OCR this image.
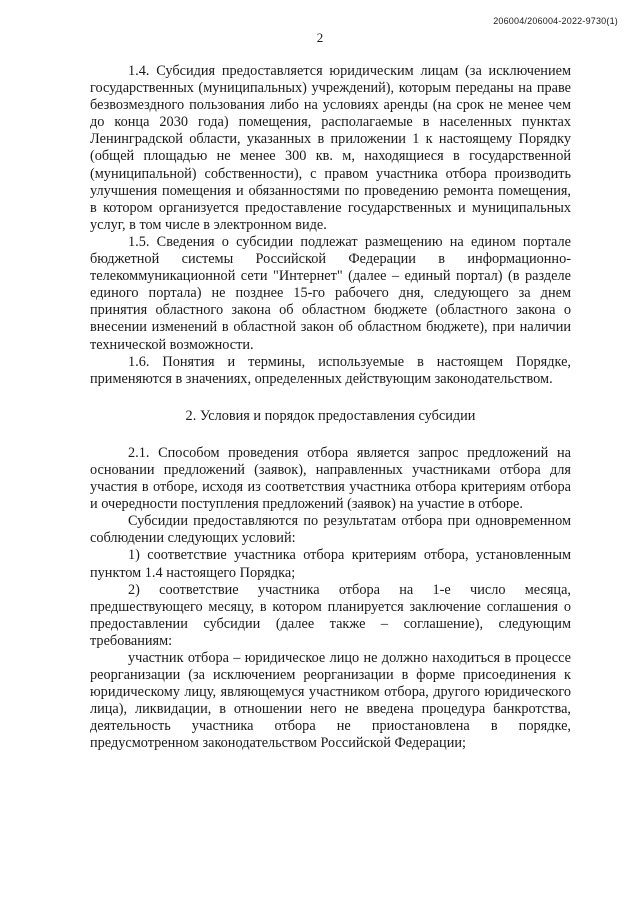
206004/206004-2022-9730(1)
2

1.4. Субсидия предоставляется юридическим лицам (за исключением государственных (муниципальных) учреждений), которым переданы на праве безвозмездного пользования либо на условиях аренды (на срок не менее чем до конца 2030 года) помещения, располагаемые в населенных пунктах Ленинградской области, указанных в приложении 1 к настоящему Порядку (общей площадью не менее 300 кв. м, находящиеся в государственной (муниципальной) собственности), с правом участника отбора производить улучшения помещения и обязанностями по проведению ремонта помещения, в котором организуется предоставление государственных и муниципальных услуг, в том числе в электронном виде.

1.5. Сведения о субсидии подлежат размещению на едином портале бюджетной системы Российской Федерации в информационно-телекоммуникационной сети "Интернет" (далее – единый портал) (в разделе единого портала) не позднее 15-го рабочего дня, следующего за днем принятия областного закона об областном бюджете (областного закона о внесении изменений в областной закон об областном бюджете), при наличии технической возможности.

1.6. Понятия и термины, используемые в настоящем Порядке, применяются в значениях, определенных действующим законодательством.

2. Условия и порядок предоставления субсидии

2.1. Способом проведения отбора является запрос предложений на основании предложений (заявок), направленных участниками отбора для участия в отборе, исходя из соответствия участника отбора критериям отбора и очередности поступления предложений (заявок) на участие в отборе.

Субсидии предоставляются по результатам отбора при одновременном соблюдении следующих условий:

1) соответствие участника отбора критериям отбора, установленным пунктом 1.4 настоящего Порядка;

2) соответствие участника отбора на 1-е число месяца, предшествующего месяцу, в котором планируется заключение соглашения о предоставлении субсидии (далее также – соглашение), следующим требованиям:

участник отбора – юридическое лицо не должно находиться в процессе реорганизации (за исключением реорганизации в форме присоединения к юридическому лицу, являющемуся участником отбора, другого юридического лица), ликвидации, в отношении него не введена процедура банкротства, деятельность участника отбора не приостановлена в порядке, предусмотренном законодательством Российской Федерации;
